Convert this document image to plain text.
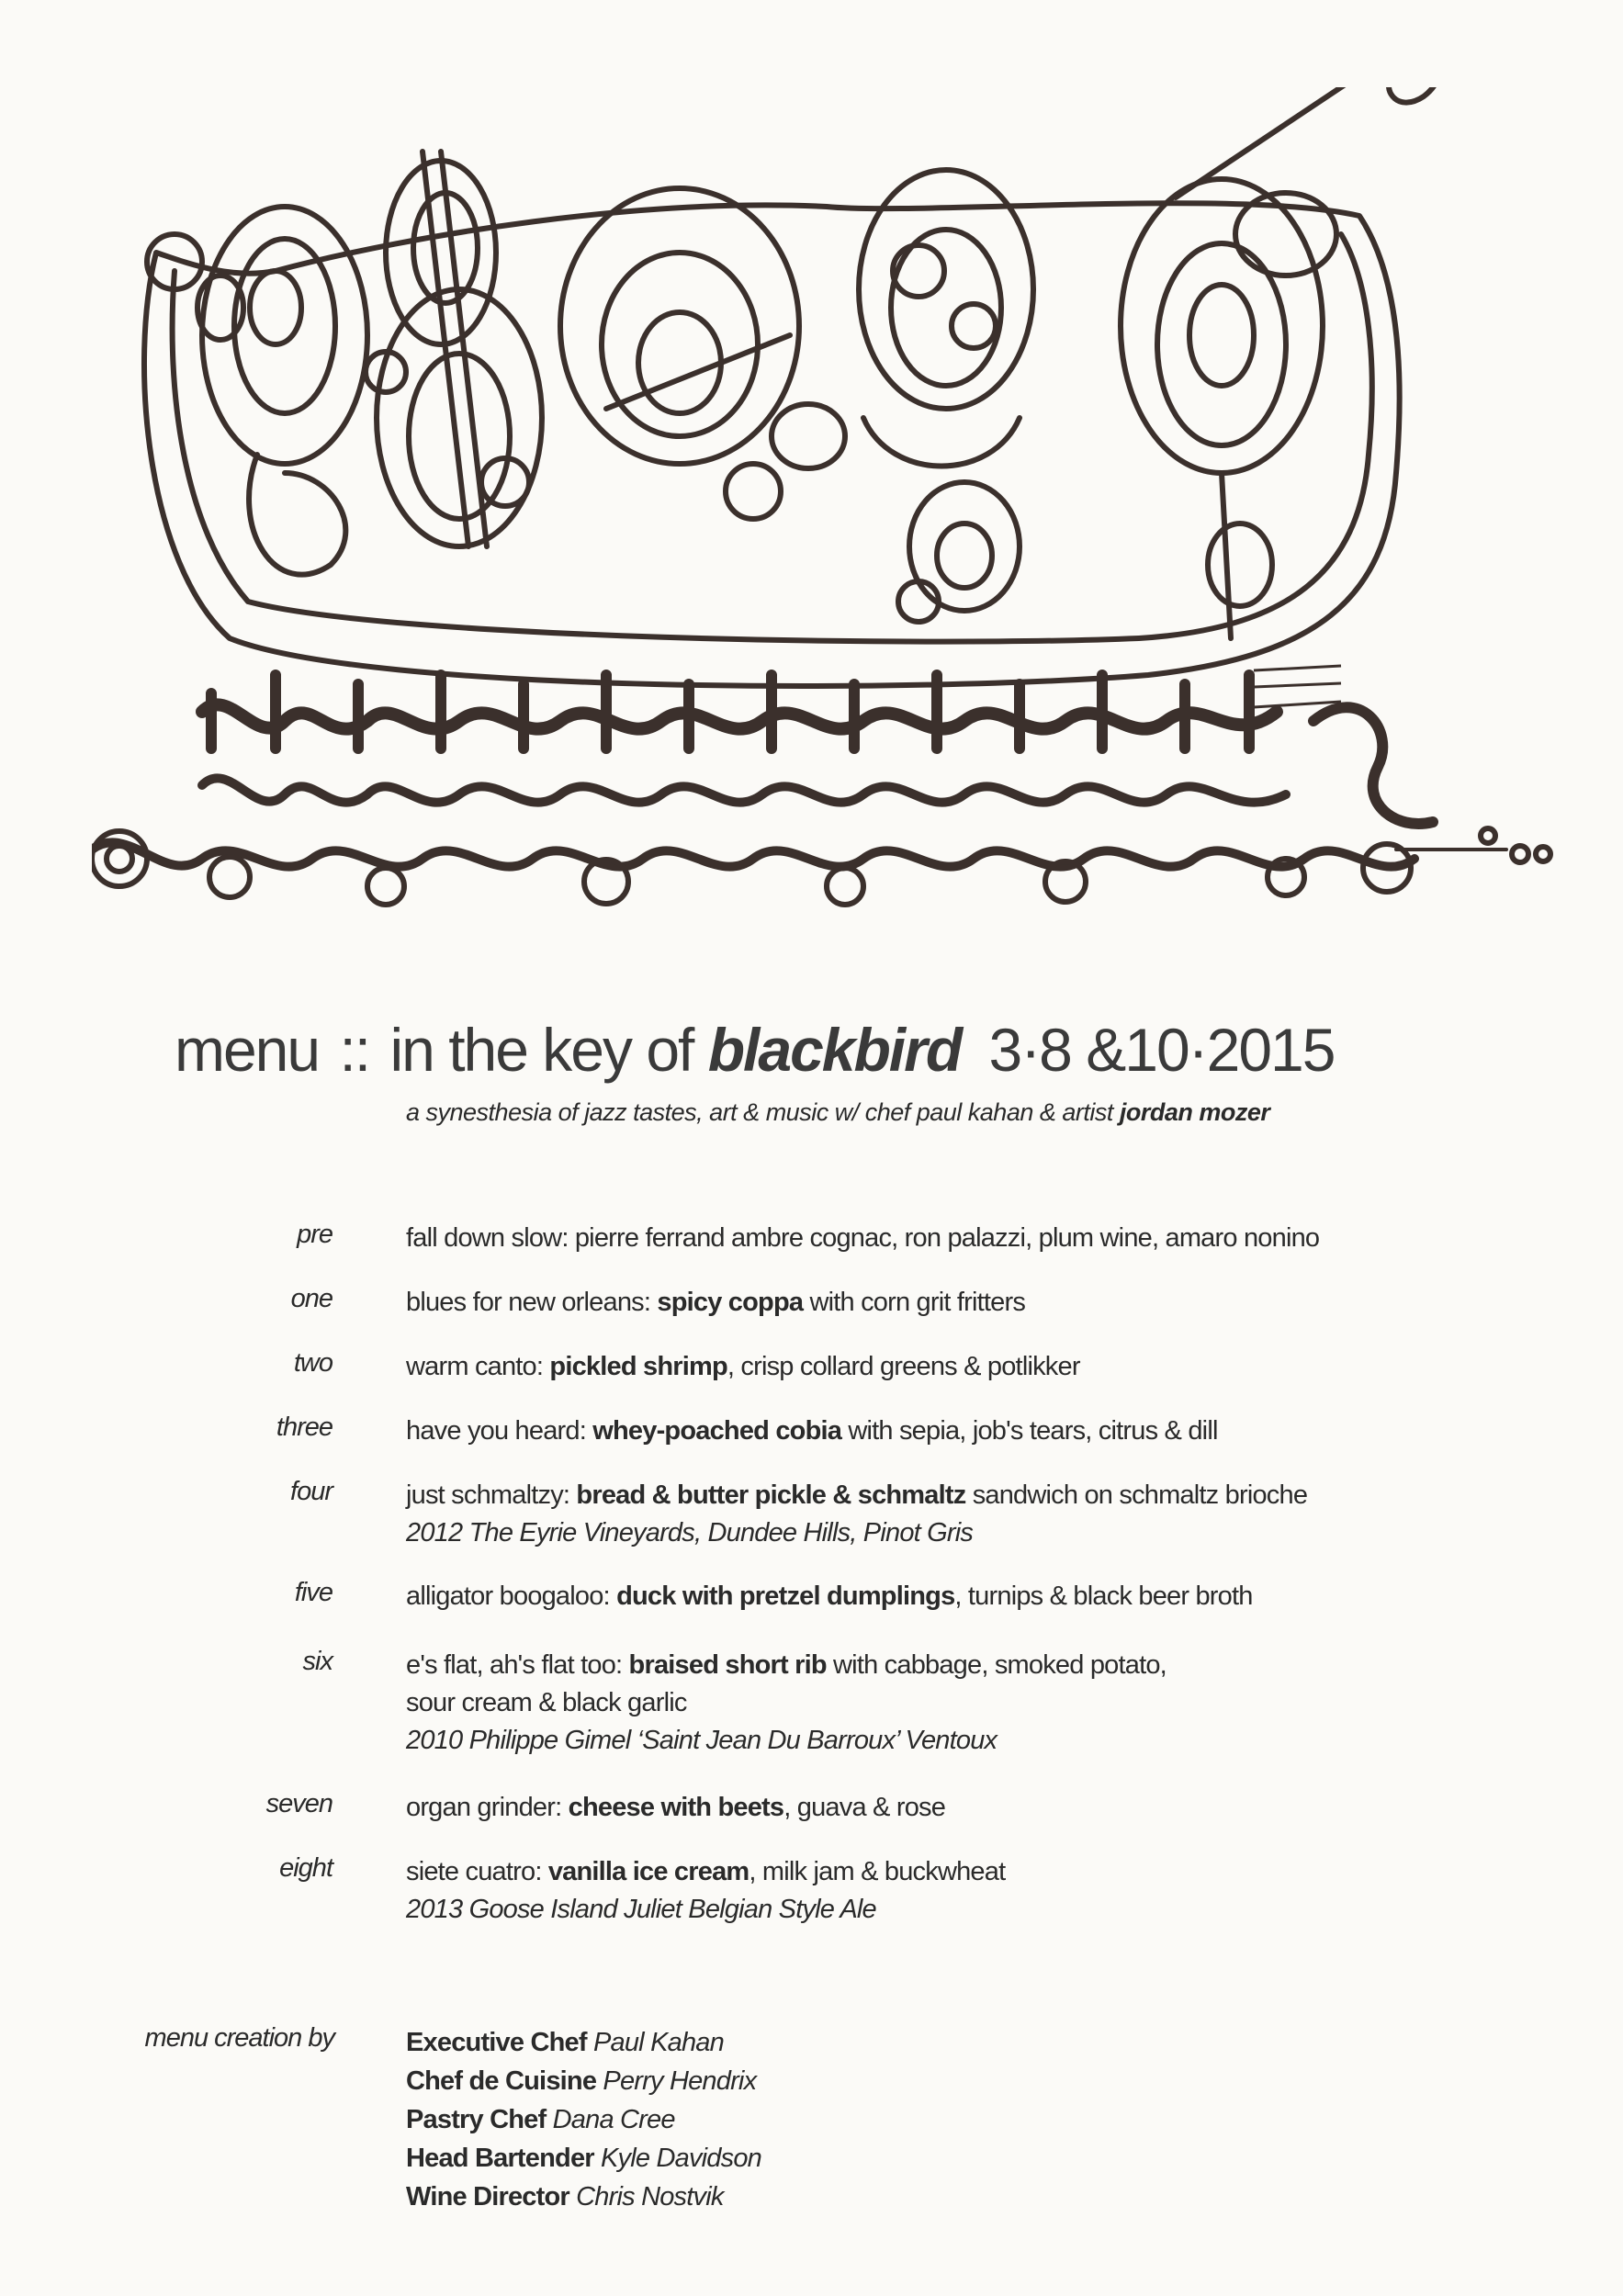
menu :: in the key of blackbird 3·8 &10·2015
a synesthesia of jazz tastes, art & music w/ chef paul kahan & artist jordan mozer
pre	fall down slow: pierre ferrand ambre cognac, ron palazzi, plum wine, amaro nonino
one	blues for new orleans: spicy coppa with corn grit fritters
two	warm canto: pickled shrimp, crisp collard greens & potlikker
three	have you heard: whey-poached cobia with sepia, job's tears, citrus & dill
four	just schmaltzy: bread & butter pickle & schmaltz sandwich on schmaltz brioche
2012 The Eyrie Vineyards, Dundee Hills, Pinot Gris
five	alligator boogaloo: duck with pretzel dumplings, turnips & black beer broth
six	e's flat, ah's flat too: braised short rib with cabbage, smoked potato,
sour cream & black garlic
2010 Philippe Gimel ‘Saint Jean Du Barroux’ Ventoux
seven	organ grinder: cheese with beets, guava & rose
eight	siete cuatro: vanilla ice cream, milk jam & buckwheat
2013 Goose Island Juliet Belgian Style Ale
menu creation by	Executive Chef Paul Kahan
Chef de Cuisine Perry Hendrix
Pastry Chef Dana Cree
Head Bartender Kyle Davidson
Wine Director Chris Nostvik
